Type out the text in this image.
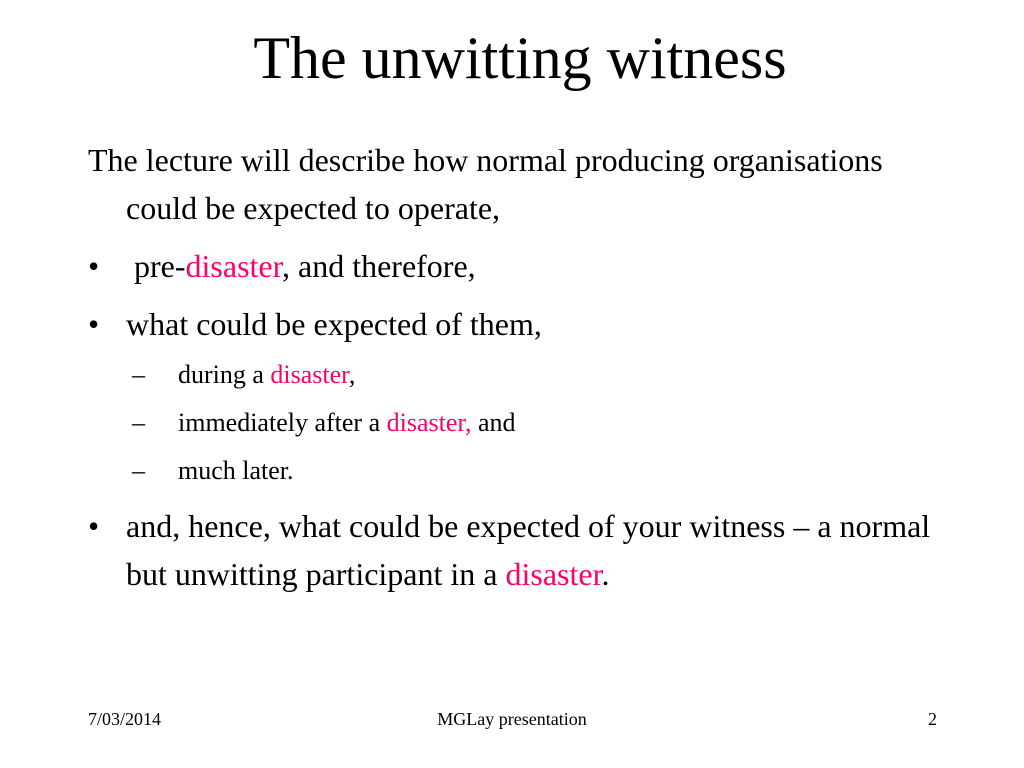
The unwitting witness

The lecture will describe how normal producing organisations could be expected to operate,

• pre-disaster, and therefore,
• what could be expected of them,
– during a disaster,
– immediately after a disaster, and
– much later.
• and, hence, what could be expected of your witness – a normal but unwitting participant in a disaster.
7/03/2014	MGLay presentation	2
